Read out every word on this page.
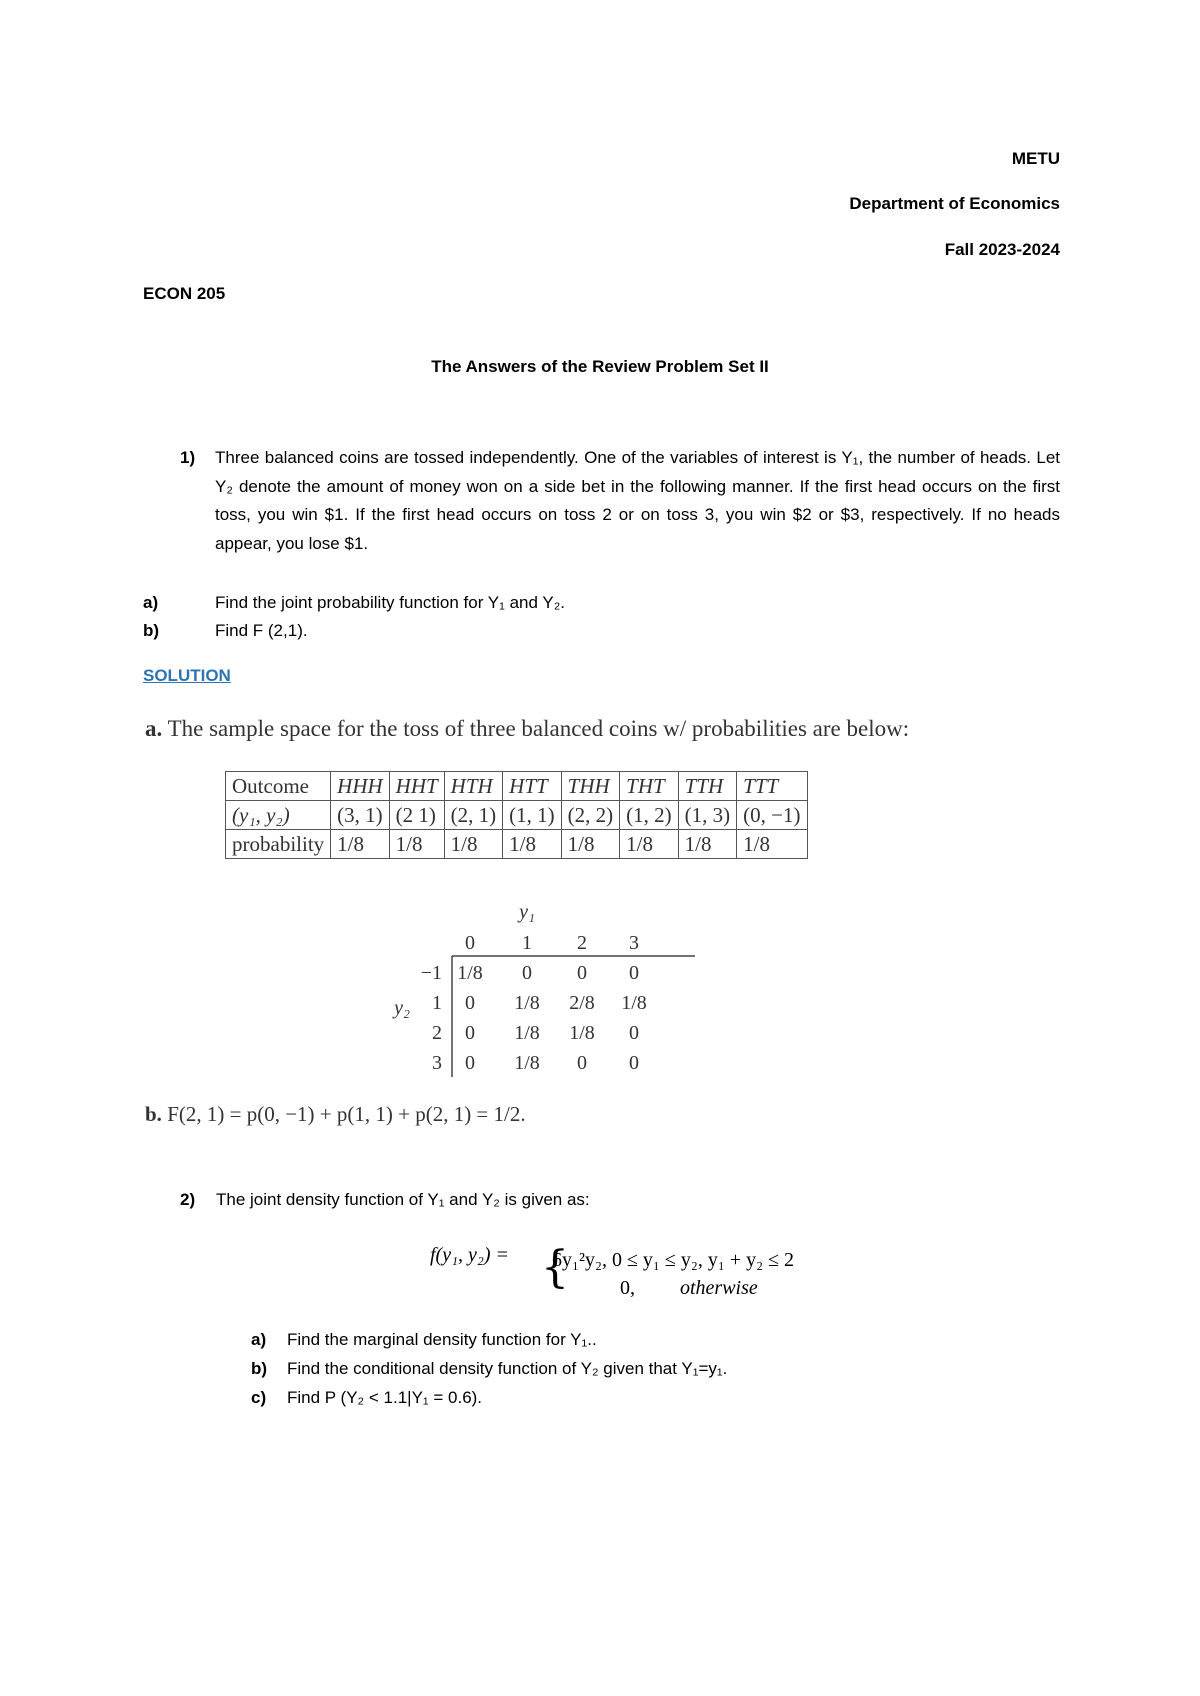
METU
Department of Economics
Fall 2023-2024
ECON 205
The Answers of the Review Problem Set II
1) Three balanced coins are tossed independently. One of the variables of interest is Y₁, the number of heads. Let Y₂ denote the amount of money won on a side bet in the following manner. If the first head occurs on the first toss, you win $1. If the first head occurs on toss 2 or on toss 3, you win $2 or $3, respectively. If no heads appear, you lose $1.
a)	Find the joint probability function for Y₁ and Y₂.
b)	Find F (2,1).
SOLUTION
a. The sample space for the toss of three balanced coins w/ probabilities are below:
Outcome	HHH	HHT	HTH	HTT	THH	THT	TTH	TTT
(y₁, y₂)	(3, 1)	(2 1)	(2, 1)	(1, 1)	(2, 2)	(1, 2)	(1, 3)	(0, −1)
probability	1/8	1/8	1/8	1/8	1/8	1/8	1/8	1/8
y₁
0 1 2 3
y₂
−1 1/8 0 0 0
1 0 1/8 2/8 1/8
2 0 1/8 1/8 0
3 0 1/8 0 0
b. F(2, 1) = p(0, −1) + p(1, 1) + p(2, 1) = 1/2.
2) The joint density function of Y₁ and Y₂ is given as:
f(y₁, y₂) = {
6y₁²y₂, 0 ≤ y₁ ≤ y₂, y₁ + y₂ ≤ 2
0, otherwise
a) Find the marginal density function for Y₁..
b) Find the conditional density function of Y₂ given that Y₁=y₁.
c) Find P (Y₂ < 1.1|Y₁ = 0.6).
